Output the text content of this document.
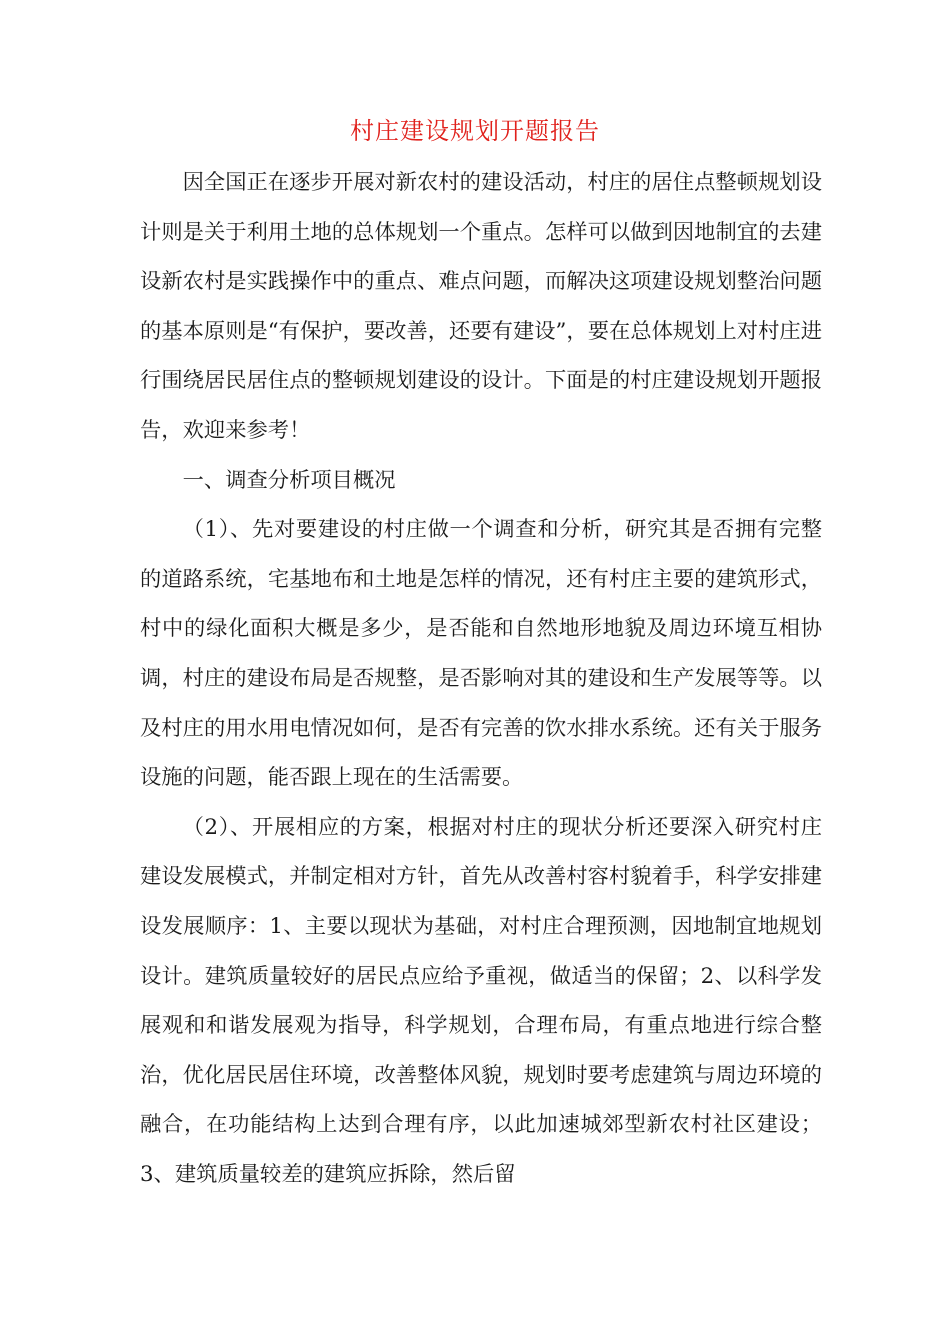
村庄建设规划开题报告

因全国正在逐步开展对新农村的建设活动，村庄的居住点整顿规划设计则是关于利用土地的总体规划一个重点。怎样可以做到因地制宜的去建设新农村是实践操作中的重点、难点问题，而解决这项建设规划整治问题的基本原则是“有保护，要改善，还要有建设”，要在总体规划上对村庄进行围绕居民居住点的整顿规划建设的设计。下面是的村庄建设规划开题报告，欢迎来参考！

一、调查分析项目概况

（1）、先对要建设的村庄做一个调查和分析，研究其是否拥有完整的道路系统，宅基地布和土地是怎样的情况，还有村庄主要的建筑形式，村中的绿化面积大概是多少，是否能和自然地形地貌及周边环境互相协调，村庄的建设布局是否规整，是否影响对其的建设和生产发展等等。以及村庄的用水用电情况如何，是否有完善的饮水排水系统。还有关于服务设施的问题，能否跟上现在的生活需要。

（2）、开展相应的方案，根据对村庄的现状分析还要深入研究村庄建设发展模式，并制定相对方针，首先从改善村容村貌着手，科学安排建设发展顺序：1、主要以现状为基础，对村庄合理预测，因地制宜地规划设计。建筑质量较好的居民点应给予重视，做适当的保留；2、以科学发展观和和谐发展观为指导，科学规划，合理布局，有重点地进行综合整治，优化居民居住环境，改善整体风貌，规划时要考虑建筑与周边环境的融合，在功能结构上达到合理有序，以此加速城郊型新农村社区建设；3、建筑质量较差的建筑应拆除，然后留
